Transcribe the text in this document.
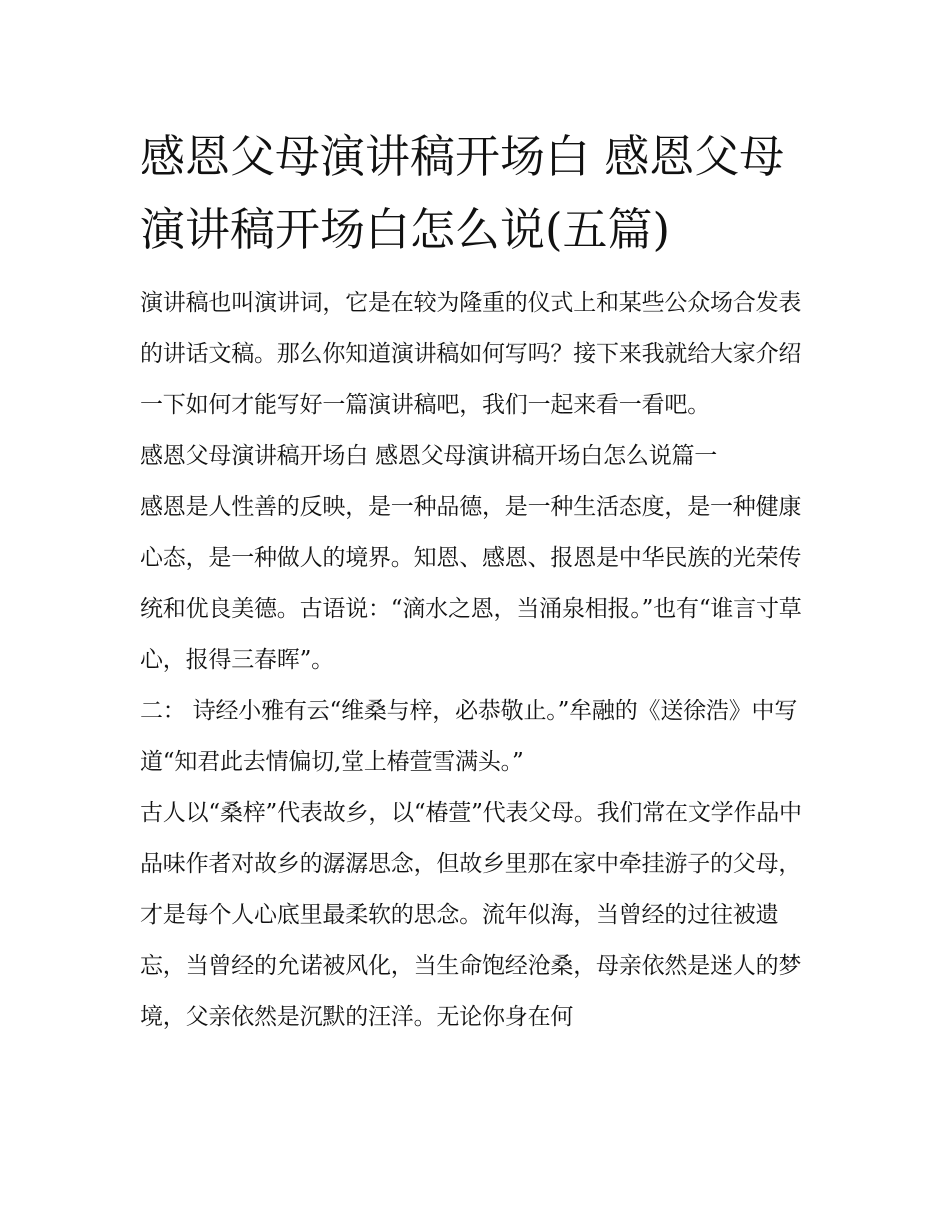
感恩父母演讲稿开场白 感恩父母演讲稿开场白怎么说(五篇)

演讲稿也叫演讲词，它是在较为隆重的仪式上和某些公众场合发表的讲话文稿。那么你知道演讲稿如何写吗？接下来我就给大家介绍一下如何才能写好一篇演讲稿吧，我们一起来看一看吧。

感恩父母演讲稿开场白 感恩父母演讲稿开场白怎么说篇一

感恩是人性善的反映，是一种品德，是一种生活态度，是一种健康心态，是一种做人的境界。知恩、感恩、报恩是中华民族的光荣传统和优良美德。古语说：“滴水之恩，当涌泉相报。”也有“谁言寸草心，报得三春晖”。

二： 诗经小雅有云“维桑与梓，必恭敬止。”牟融的《送徐浩》中写道“知君此去情偏切,堂上椿萱雪满头。”

古人以“桑梓”代表故乡，以“椿萱”代表父母。我们常在文学作品中品味作者对故乡的潺潺思念，但故乡里那在家中牵挂游子的父母，才是每个人心底里最柔软的思念。流年似海，当曾经的过往被遗忘，当曾经的允诺被风化，当生命饱经沧桑，母亲依然是迷人的梦境，父亲依然是沉默的汪洋。无论你身在何
